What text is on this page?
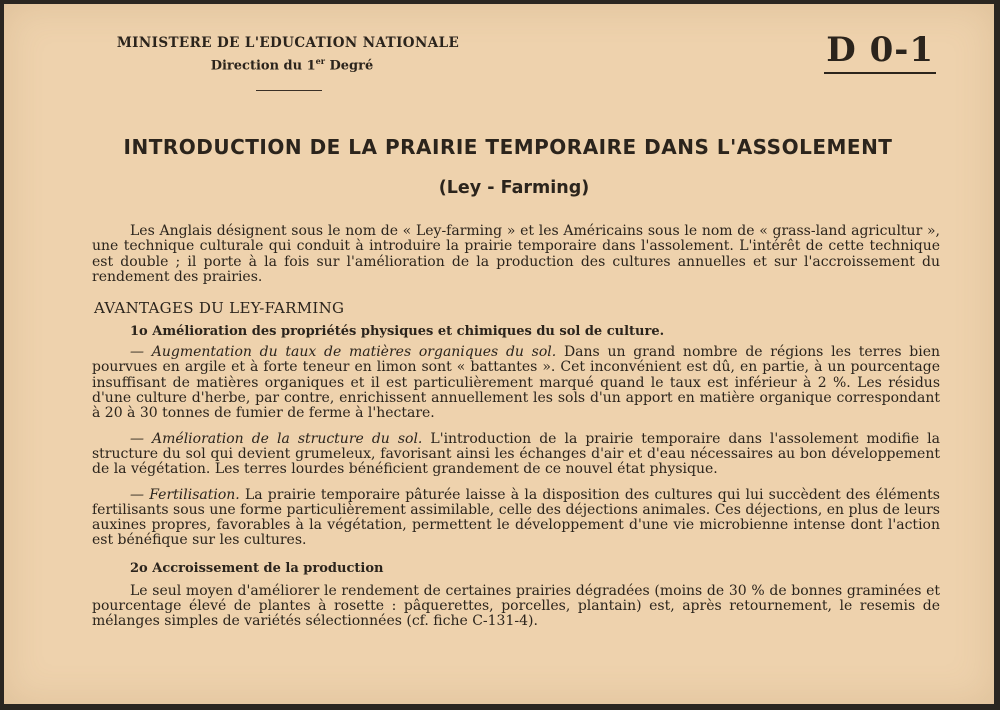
MINISTERE DE L'EDUCATION NATIONALE
Direction du 1er Degré	D 0-1
INTRODUCTION DE LA PRAIRIE TEMPORAIRE DANS L'ASSOLEMENT
(Ley - Farming)

Les Anglais désignent sous le nom de « Ley-farming » et les Américains sous le nom de « grass-land agricultur », une technique culturale qui conduit à introduire la prairie temporaire dans l'assolement. L'intérêt de cette technique est double ; il porte à la fois sur l'amélioration de la production des cultures annuelles et sur l'accroissement du rendement des prairies.

AVANTAGES DU LEY-FARMING
1o Amélioration des propriétés physiques et chimiques du sol de culture.

— Augmentation du taux de matières organiques du sol. Dans un grand nombre de régions les terres bien pourvues en argile et à forte teneur en limon sont « battantes ». Cet inconvénient est dû, en partie, à un pourcentage insuffisant de matières organiques et il est particulièrement marqué quand le taux est inférieur à 2 %. Les résidus d'une culture d'herbe, par contre, enrichissent annuellement les sols d'un apport en matière organique correspondant à 20 à 30 tonnes de fumier de ferme à l'hectare.

— Amélioration de la structure du sol. L'introduction de la prairie temporaire dans l'assolement modifie la structure du sol qui devient grumeleux, favorisant ainsi les échanges d'air et d'eau nécessaires au bon développement de la végétation. Les terres lourdes bénéficient grandement de ce nouvel état physique.

— Fertilisation. La prairie temporaire pâturée laisse à la disposition des cultures qui lui succèdent des éléments fertilisants sous une forme particulièrement assimilable, celle des déjections animales. Ces déjections, en plus de leurs auxines propres, favorables à la végétation, permettent le développement d'une vie microbienne intense dont l'action est bénéfique sur les cultures.

2o Accroissement de la production

Le seul moyen d'améliorer le rendement de certaines prairies dégradées (moins de 30 % de bonnes graminées et pourcentage élevé de plantes à rosette : pâquerettes, porcelles, plantain) est, après retournement, le resemis de mélanges simples de variétés sélectionnées (cf. fiche C-131-4).
